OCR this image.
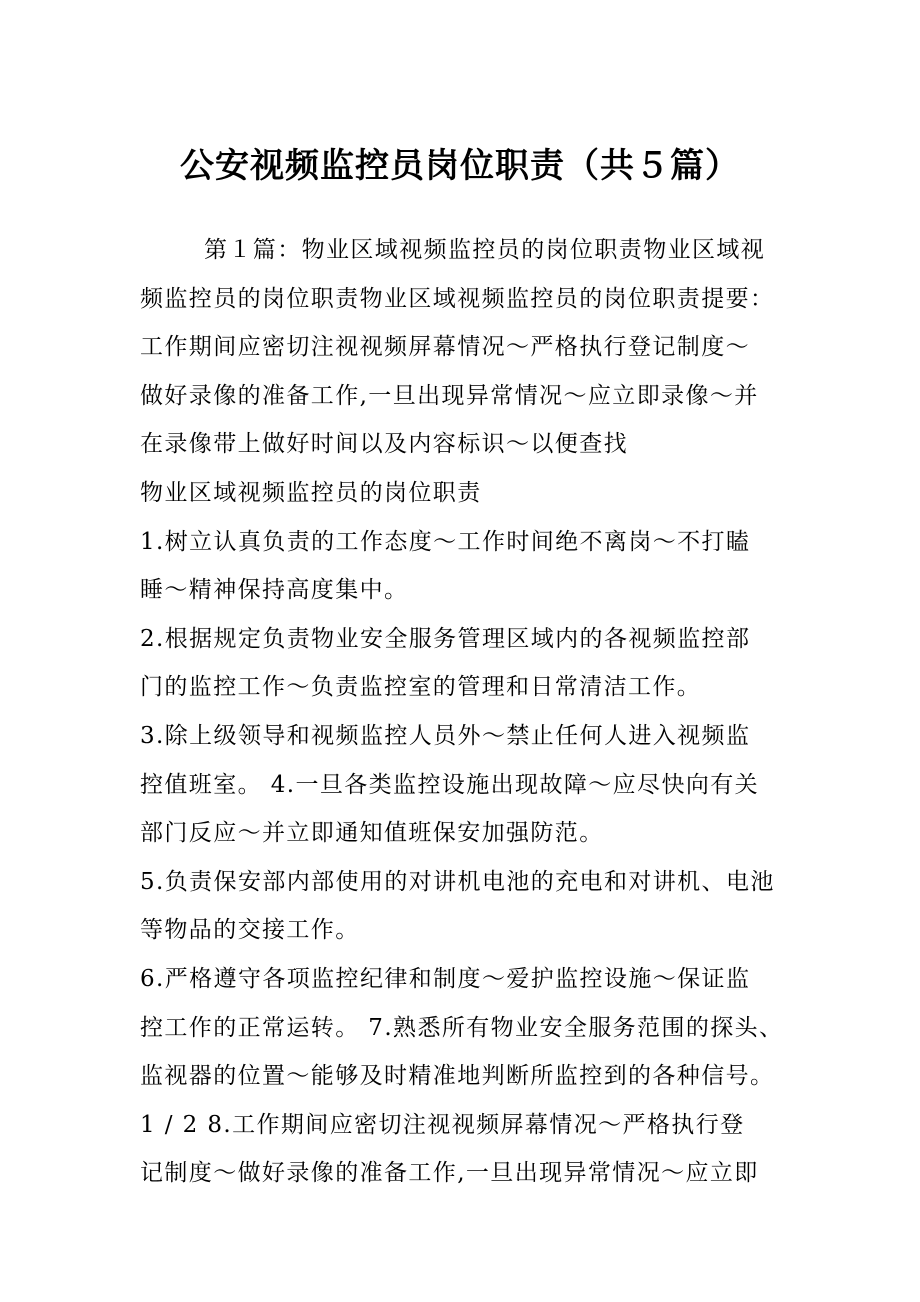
公安视频监控员岗位职责（共５篇）
第１篇：物业区域视频监控员的岗位职责物业区域视
频监控员的岗位职责物业区域视频监控员的岗位职责提要：
工作期间应密切注视视频屏幕情况～严格执行登记制度～
做好录像的准备工作,一旦出现异常情况～应立即录像～并
在录像带上做好时间以及内容标识～以便查找
物业区域视频监控员的岗位职责
1.树立认真负责的工作态度～工作时间绝不离岗～不打瞌
睡～精神保持高度集中。
2.根据规定负责物业安全服务管理区域内的各视频监控部
门的监控工作～负责监控室的管理和日常清洁工作。
3.除上级领导和视频监控人员外～禁止任何人进入视频监
控值班室。 4.一旦各类监控设施出现故障～应尽快向有关
部门反应～并立即通知值班保安加强防范。
5.负责保安部内部使用的对讲机电池的充电和对讲机、电池
等物品的交接工作。
6.严格遵守各项监控纪律和制度～爱护监控设施～保证监
控工作的正常运转。 7.熟悉所有物业安全服务范围的探头、
监视器的位置～能够及时精准地判断所监控到的各种信号。
1 / 2 8.工作期间应密切注视视频屏幕情况～严格执行登
记制度～做好录像的准备工作,一旦出现异常情况～应立即
